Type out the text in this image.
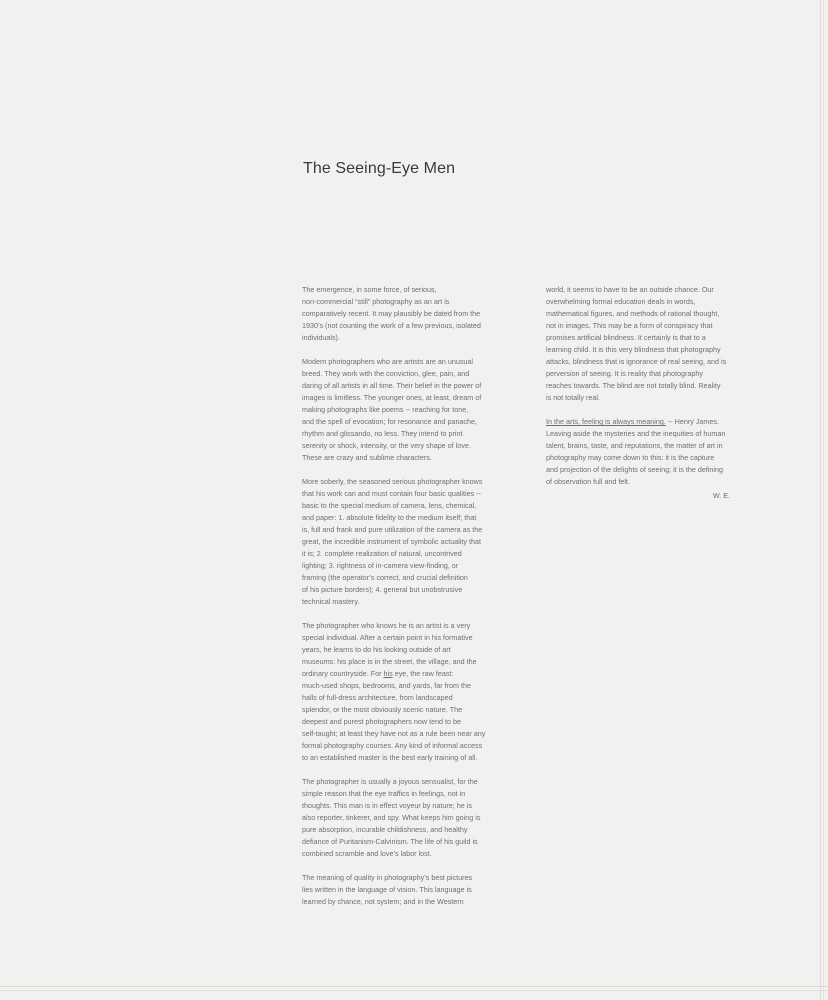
The Seeing-Eye Men

The emergence, in some force, of serious,
non-commercial “still” photography as an art is
comparatively recent. It may plausibly be dated from the
1930’s (not counting the work of a few previous, isolated
individuals).

Modern photographers who are artists are an unusual
breed. They work with the conviction, glee, pain, and
daring of all artists in all time. Their belief in the power of
images is limitless. The younger ones, at least, dream of
making photographs like poems -- reaching for tone,
and the spell of evocation; for resonance and panache,
rhythm and glissando, no less. They intend to print
serenity or shock, intensity, or the very shape of love.
These are crazy and sublime characters.

More soberly, the seasoned serious photographer knows
that his work can and must contain four basic qualities --
basic to the special medium of camera, lens, chemical,
and paper: 1. absolute fidelity to the medium itself; that
is, full and frank and pure utilization of the camera as the
great, the incredible instrument of symbolic actuality that
it is; 2. complete realization of natural, uncontrived
lighting; 3. rightness of in-camera view-finding, or
framing (the operator’s correct, and crucial definition
of his picture borders); 4. general but unobstrusive
technical mastery.

The photographer who knows he is an artist is a very
special individual. After a certain point in his formative
years, he learns to do his looking outside of art
museums: his place is in the street, the village, and the
ordinary countryside. For his eye, the raw feast:
much-used shops, bedrooms, and yards, far from the
halls of full-dress architecture, from landscaped
splendor, or the most obviously scenic nature. The
deepest and purest photographers now tend to be
self-taught; at least they have not as a rule been near any
formal photography courses. Any kind of informal access
to an established master is the best early training of all.

The photographer is usually a joyous sensualist, for the
simple reason that the eye traffics in feelings, not in
thoughts. This man is in effect voyeur by nature; he is
also reporter, tinkerer, and spy. What keeps him going is
pure absorption, incurable childishness, and healthy
defiance of Puritanism-Calvinism. The life of his guild is
combined scramble and love’s labor lost.

The meaning of quality in photography’s best pictures
lies written in the language of vision. This language is
learned by chance, not system; and in the Western

world, it seems to have to be an outside chance. Our
overwhelming formal education deals in words,
mathematical figures, and methods of rational thought,
not in images. This may be a form of conspiracy that
promises artificial blindness. It certainly is that to a
learning child. It is this very blindness that photography
attacks, blindness that is ignorance of real seeing, and is
perversion of seeing. It is reality that photography
reaches towards. The blind are not totally blind. Reality
is not totally real.

In the arts, feeling is always meaning. -- Henry James.
Leaving aside the mysteries and the inequities of human
talent, brains, taste, and reputations, the matter of art in
photography may come down to this: it is the capture
and projection of the delights of seeing; it is the defining
of observation full and felt.
W. E.
